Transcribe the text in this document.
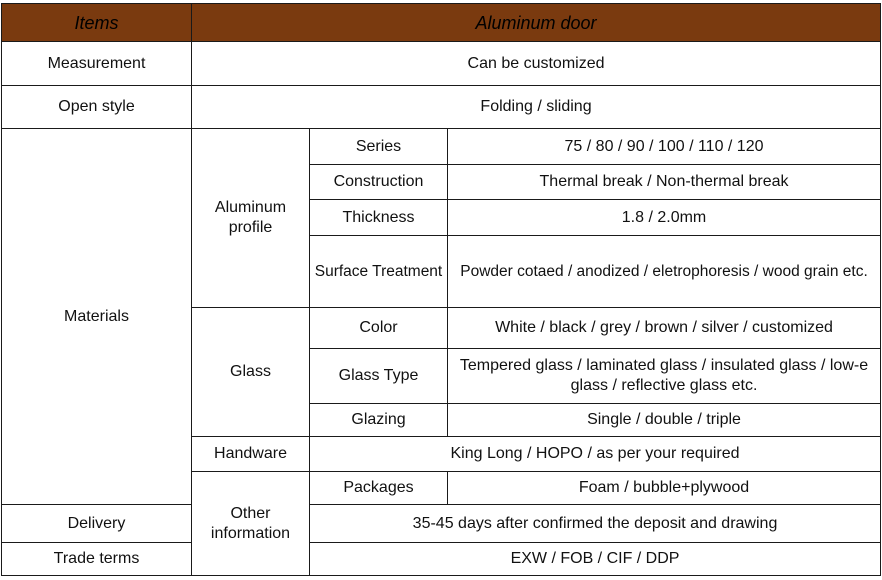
Items	Aluminum door		
Measurement	Can be customized		
Open style	Folding / sliding		
Materials	Aluminum profile	Series	75 / 80 / 90 / 100 / 110 / 120
		Construction	Thermal break / Non-thermal break
		Thickness	1.8 / 2.0mm
		Surface Treatment	Powder cotaed / anodized / eletrophoresis / wood grain etc.
	Glass	Color	White / black / grey / brown / silver / customized
		Glass Type	Tempered glass / laminated glass / insulated glass / low-e glass / reflective glass etc.
		Glazing	Single / double / triple
	Handware	King Long / HOPO / as per your required	
	Other information	Packages	Foam / bubble+plywood
Delivery		35-45 days after confirmed the deposit and drawing	
Trade terms		EXW / FOB / CIF / DDP	
